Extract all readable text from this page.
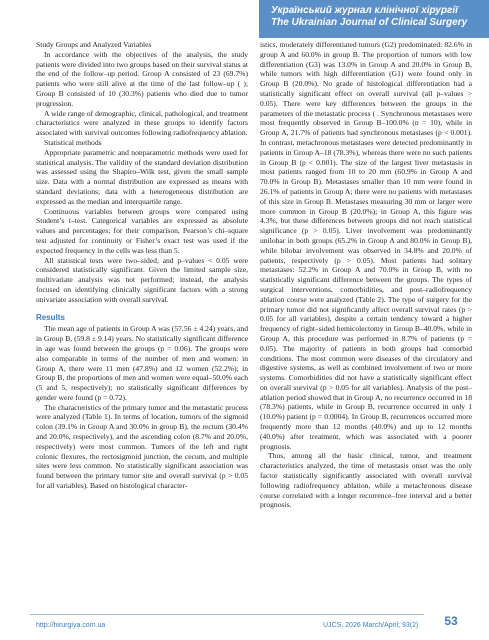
Український журнал клінічної хірургії
The Ukrainian Journal of Clinical Surgery

Study Groups and Analyzed Variables

In accordance with the objectives of the analysis, the study patients were divided into two groups based on their survival status at the end of the follow–up period. Group A consisted of 23 (69.7%) patients who were still alive at the time of the last follow–up ( ); Group B consisted of 10 (30.3%) patients who died due to tumor progression.

A wide range of demographic, clinical, pathological, and treatment characteristics were analyzed in these groups to identify factors associated with survival outcomes following radiofrequency ablation.

Statistical methods

Appropriate parametric and nonparametric methods were used for statistical analysis. The validity of the standard deviation distribution was assessed using the Shapiro–Wilk test, given the small sample size. Data with a normal distribution are expressed as means with standard deviations; data with a heterogeneous distribution are expressed as the median and interquartile range.

Continuous variables between groups were compared using Student’s t–test. Categorical variables are expressed as absolute values and percentages; for their comparison, Pearson’s chi–square test adjusted for continuity or Fisher’s exact test was used if the expected frequency in the cells was less than 5.

All statistical tests were two–sided, and p–values < 0.05 were considered statistically significant. Given the limited sample size, multivariate analysis was not performed; instead, the analysis focused on identifying clinically significant factors with a strong univariate association with overall survival.

Results

The mean age of patients in Group A was (57.56 ± 4.24) years, and in Group B, (59.8 ± 9.14) years. No statistically significant difference in age was found between the groups (p = 0.06). The groups were also comparable in terms of the number of men and women: in Group A, there were 11 men (47.8%) and 12 women (52.2%); in Group B, the proportions of men and women were equal–50.0% each (5 and 5, respectively); no statistically significant differences by gender were found (p = 0.72).

The characteristics of the primary tumor and the metastatic process were analyzed (Table 1). In terms of location, tumors of the sigmoid colon (39.1% in Group A and 30.0% in group B), the rectum (30.4% and 20.0%, respectively), and the ascending colon (8.7% and 20.0%, respectively) were most common. Tumors of the left and right colonic flexures, the rectosigmoid junction, the cecum, and multiple sites were less common. No statistically significant association was found between the primary tumor site and overall survival (p > 0.05 for all variables). Based on histological character-

istics, moderately differentiated tumors (G2) predominated: 82.6% in group A and 60.0% in group B. The proportion of tumors with low differentiation (G3) was 13.0% in Group A and 20.0% in Group B, while tumors with high differentiation (G1) were found only in Group B (20.0%). No grade of histological differentiation had a statistically significant effect on overall survival (all p–values > 0.05). There were key differences between the groups in the parameters of the metastatic process ( . Synchronous metastases were most frequently observed in Group B–100.0% (n = 10), while in Group A, 21.7% of patients had synchronous metastases (p < 0.001). In contrast, metachronous metastases were detected predominantly in patients in Group A–18 (78.3%), whereas there were no such patients in Group B (p < 0.001). The size of the largest liver metastasis in most patients ranged from 10 to 20 mm (60.9% in Group A and 70.0% in Group B). Metastases smaller than 10 mm were found in 26.1% of patients in Group A; there were no patients with metastases of this size in Group B. Metastases measuring 30 mm or larger were more common in Group B (20.0%); in Group A, this figure was 4.3%, but these differences between groups did not reach statistical significance (p > 0.05). Liver involvement was predominantly unilobar in both groups (65.2% in Group A and 80.0% in Group B), while bilobar involvement was observed in 34.8% and 20.0% of patients, respectively (p > 0.05). Most patients had solitary metastases: 52.2% in Group A and 70.0% in Group B, with no statistically significant difference between the groups. The types of surgical interventions, comorbidities, and post–radiofrequency ablation course were analyzed (Table 2). The type of surgery for the primary tumor did not significantly affect overall survival rates (p > 0.05 for all variables), despite a certain tendency toward a higher frequency of right–sided hemicolectomy in Group B–40.0%, while in Group A, this procedure was performed in 8.7% of patients (p = 0.05). The majority of patients in both groups had comorbid conditions. The most common were diseases of the circulatory and digestive systems, as well as combined involvement of two or more systems. Comorbidities did not have a statistically significant effect on overall survival (p > 0.05 for all variables). Analysis of the post–ablation period showed that in Group A, no recurrence occurred in 18 (78.3%) patients, while in Group B, recurrence occurred in only 1 (10.0%) patient (p = 0.0004). In Group B, recurrences occurred more frequently more than 12 months (40.0%) and up to 12 months (40.0%) after treatment, which was associated with a poorer prognosis.

Thus, among all the basic clinical, tumor, and treatment characteristics analyzed, the time of metastasis onset was the only factor statistically significantly associated with overall survival following radiofrequency ablation, while a metachronous disease course correlated with a longer recurrence–free interval and a better prognosis.

http://hirurgiya.com.ua	UJCS, 2026 March/April; 93(2)	53
